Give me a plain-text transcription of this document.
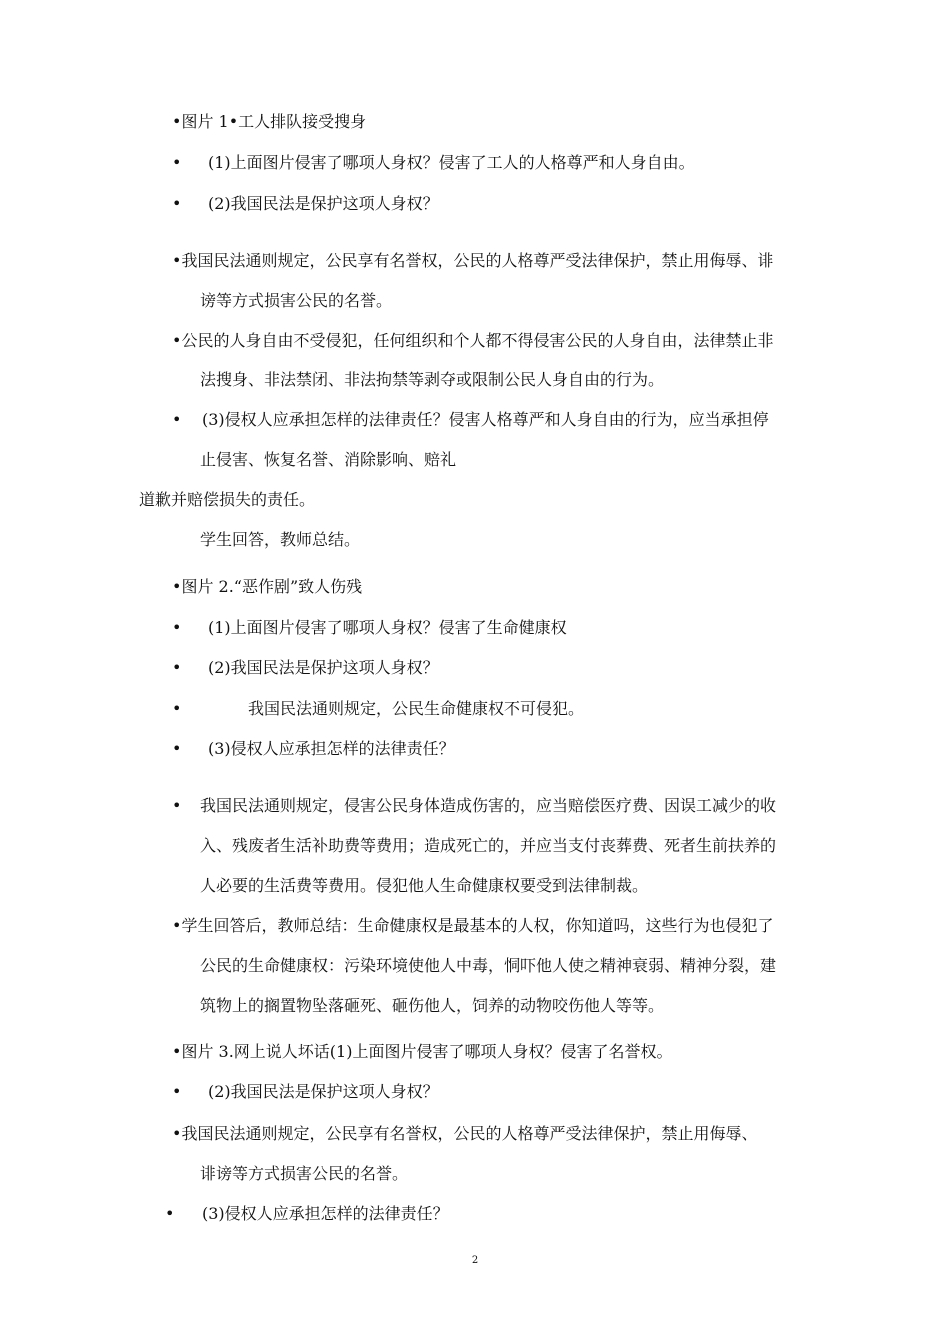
•图片 1•工人排队接受搜身
• (1)上面图片侵害了哪项人身权？侵害了工人的人格尊严和人身自由。
• (2)我国民法是保护这项人身权？
•我国民法通则规定，公民享有名誉权，公民的人格尊严受法律保护，禁止用侮辱、诽
谤等方式损害公民的名誉。
•公民的人身自由不受侵犯，任何组织和个人都不得侵害公民的人身自由，法律禁止非
法搜身、非法禁闭、非法拘禁等剥夺或限制公民人身自由的行为。
• (3)侵权人应承担怎样的法律责任？侵害人格尊严和人身自由的行为，应当承担停
止侵害、恢复名誉、消除影响、赔礼
道歉并赔偿损失的责任。
学生回答，教师总结。
•图片 2.“恶作剧”致人伤残
• (1)上面图片侵害了哪项人身权？侵害了生命健康权
• (2)我国民法是保护这项人身权？
•	我国民法通则规定，公民生命健康权不可侵犯。
• (3)侵权人应承担怎样的法律责任？
• 我国民法通则规定，侵害公民身体造成伤害的，应当赔偿医疗费、因误工减少的收
入、残废者生活补助费等费用；造成死亡的，并应当支付丧葬费、死者生前扶养的
人必要的生活费等费用。侵犯他人生命健康权要受到法律制裁。
•学生回答后，教师总结：生命健康权是最基本的人权，你知道吗，这些行为也侵犯了
公民的生命健康权：污染环境使他人中毒，恫吓他人使之精神衰弱、精神分裂，建
筑物上的搁置物坠落砸死、砸伤他人，饲养的动物咬伤他人等等。
•图片 3.网上说人坏话(1)上面图片侵害了哪项人身权？侵害了名誉权。
• (2)我国民法是保护这项人身权？
•我国民法通则规定，公民享有名誉权，公民的人格尊严受法律保护，禁止用侮辱、
诽谤等方式损害公民的名誉。
• (3)侵权人应承担怎样的法律责任？
2
